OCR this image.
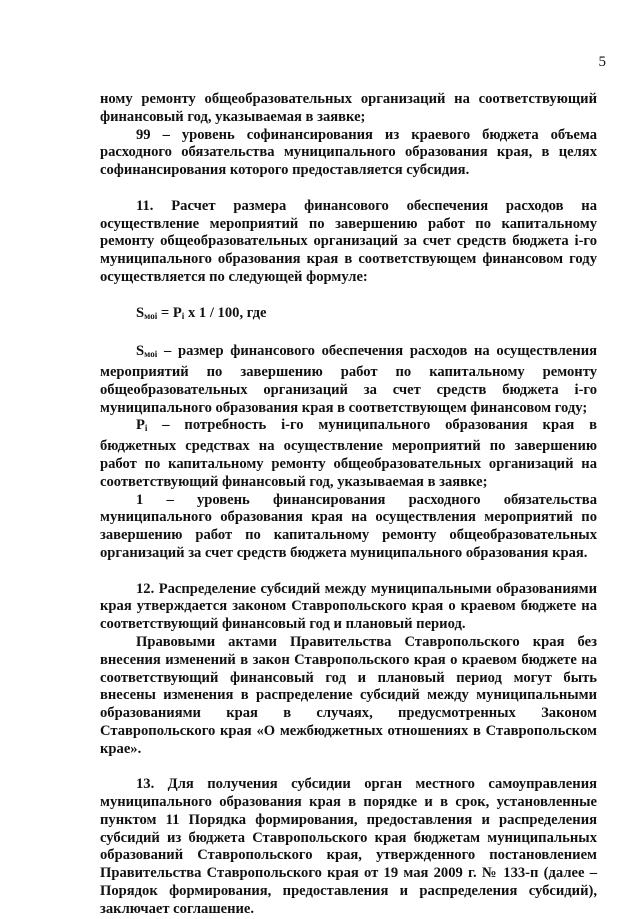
5

ному ремонту общеобразовательных организаций на соответствующий финансовый год, указываемая в заявке;

99 – уровень софинансирования из краевого бюджета объема расходного обязательства муниципального образования края, в целях софинансирования которого предоставляется субсидия.

11. Расчет размера финансового обеспечения расходов на осуществление мероприятий по завершению работ по капитальному ремонту общеобразовательных организаций за счет средств бюджета i-го муниципального образования края в соответствующем финансовом году осуществляется по следующей формуле:

$S_{мoi} = P_i$ x 1 / 100, где

$S_{мoi}$ – размер финансового обеспечения расходов на осуществления мероприятий по завершению работ по капитальному ремонту общеобразовательных организаций за счет средств бюджета i-го муниципального образования края в соответствующем финансовом году;

$P_i$ – потребность i-го муниципального образования края в бюджетных средствах на осуществление мероприятий по завершению работ по капитальному ремонту общеобразовательных организаций на соответствующий финансовый год, указываемая в заявке;

1 – уровень финансирования расходного обязательства муниципального образования края на осуществления мероприятий по завершению работ по капитальному ремонту общеобразовательных организаций за счет средств бюджета муниципального образования края.

12. Распределение субсидий между муниципальными образованиями края утверждается законом Ставропольского края о краевом бюджете на соответствующий финансовый год и плановый период.

Правовыми актами Правительства Ставропольского края без внесения изменений в закон Ставропольского края о краевом бюджете на соответствующий финансовый год и плановый период могут быть внесены изменения в распределение субсидий между муниципальными образованиями края в случаях, предусмотренных Законом Ставропольского края «О межбюджетных отношениях в Ставропольском крае».

13. Для получения субсидии орган местного самоуправления муниципального образования края в порядке и в срок, установленные пунктом 11 Порядка формирования, предоставления и распределения субсидий из бюджета Ставропольского края бюджетам муниципальных образований Ставропольского края, утвержденного постановлением Правительства Ставропольского края от 19 мая 2009 г. № 133-п (далее – Порядок формирования, предоставления и распределения субсидий), заключает соглашение.
